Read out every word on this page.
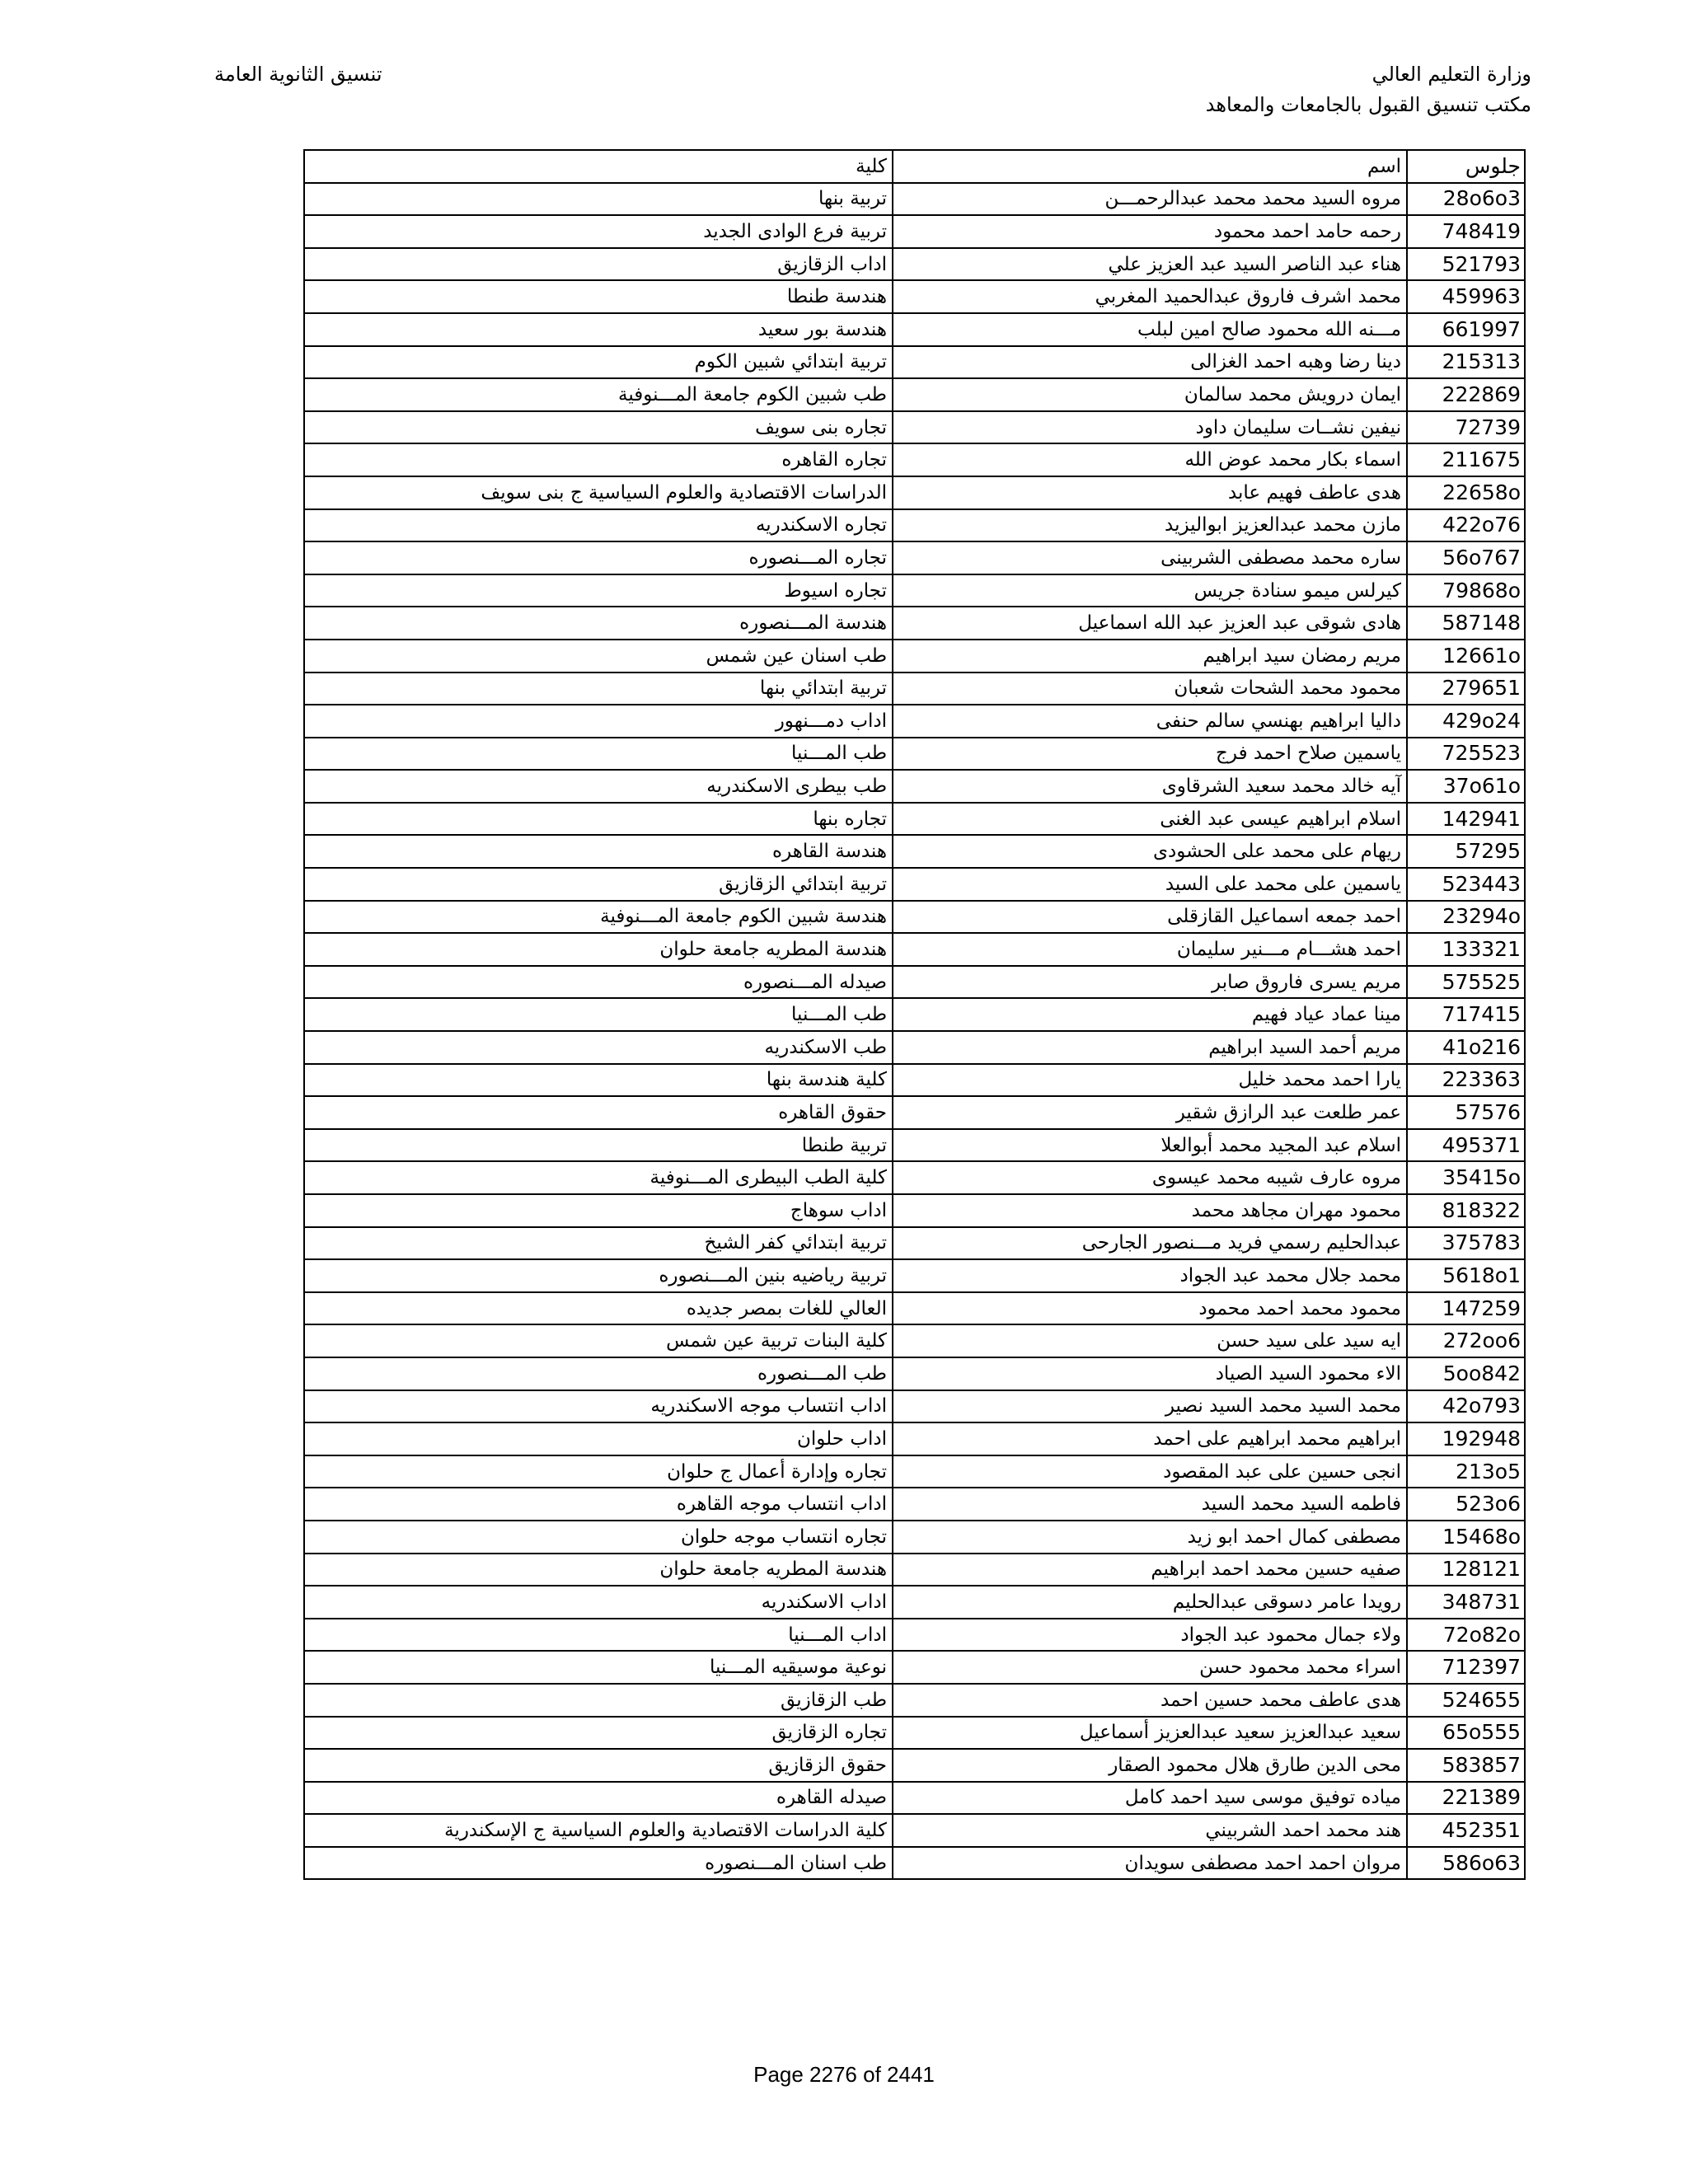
وزارة التعليم العالي
مكتب تنسيق القبول بالجامعات والمعاهد
تنسيق الثانوية العامة
جلوس	اسم	كلية
28o6o3	مروه السيد محمد محمد عبدالرحمـــن	تربية بنها
748419	رحمه حامد احمد محمود	تربية فرع الوادى الجديد
521793	هناء عبد الناصر السيد عبد العزيز علي	اداب الزقازيق
459963	محمد اشرف فاروق عبدالحميد المغربي	هندسة طنطا
661997	مـــنه الله محمود صالح امين لبلب	هندسة بور سعيد
215313	دينا رضا وهبه احمد الغزالى	تربية ابتدائي شبين الكوم
222869	ايمان درويش محمد سالمان	طب شبين الكوم جامعة المـــنوفية
72739	نيفين نشــات سليمان داود	تجاره بنى سويف
211675	اسماء بكار محمد عوض الله	تجاره القاهره
22658o	هدى عاطف فهيم عابد	الدراسات الاقتصادية والعلوم السياسية ج بنى سويف
422o76	مازن محمد عبدالعزيز ابواليزيد	تجاره الاسكندريه
56o767	ساره محمد مصطفى الشربينى	تجاره المـــنصوره
79868o	كيرلس ميمو سنادة جريس	تجاره اسيوط
587148	هادى شوقى عبد العزيز عبد الله اسماعيل	هندسة المـــنصوره
12661o	مريم رمضان سيد ابراهيم	طب اسنان عين شمس
279651	محمود محمد الشحات شعبان	تربية ابتدائي بنها
429o24	داليا ابراهيم بهنسي سالم حنفى	اداب دمـــنهور
725523	ياسمين صلاح احمد فرج	طب المـــنيا
37o61o	آيه خالد محمد سعيد الشرقاوى	طب بيطرى الاسكندريه
142941	اسلام ابراهيم عيسى عبد الغنى	تجاره بنها
57295	ريهام على محمد على الحشودى	هندسة القاهره
523443	ياسمين على محمد على السيد	تربية ابتدائي الزقازيق
23294o	احمد جمعه اسماعيل القازقلى	هندسة شبين الكوم جامعة المـــنوفية
133321	احمد هشـــام مـــنير سليمان	هندسة المطريه جامعة حلوان
575525	مريم يسرى فاروق صابر	صيدله المـــنصوره
717415	مينا عماد عياد فهيم	طب المـــنيا
41o216	مريم أحمد السيد ابراهيم	طب الاسكندريه
223363	يارا احمد محمد خليل	كلية هندسة بنها
57576	عمر طلعت عبد الرازق شقير	حقوق القاهره
495371	اسلام عبد المجيد محمد أبوالعلا	تربية طنطا
35415o	مروه عارف شيبه محمد عيسوى	كلية الطب البيطرى المـــنوفية
818322	محمود مهران مجاهد محمد	اداب سوهاج
375783	عبدالحليم رسمي فريد مـــنصور الجارحى	تربية ابتدائي كفر الشيخ
5618o1	محمد جلال محمد عبد الجواد	تربية رياضيه بنين المـــنصوره
147259	محمود محمد احمد محمود	العالي للغات بمصر جديده
272oo6	ايه سيد على سيد حسن	كلية البنات تربية عين شمس
5oo842	الاء محمود السيد الصياد	طب المـــنصوره
42o793	محمد السيد محمد السيد نصير	اداب انتساب موجه الاسكندريه
192948	ابراهيم محمد ابراهيم على احمد	اداب حلوان
213o5	انجى حسين على عبد المقصود	تجاره وإدارة أعمال ج حلوان
523o6	فاطمه السيد محمد السيد	اداب انتساب موجه القاهره
15468o	مصطفى كمال احمد ابو زيد	تجاره انتساب موجه حلوان
128121	صفيه حسين محمد احمد ابراهيم	هندسة المطريه جامعة حلوان
348731	رويدا عامر دسوقى عبدالحليم	اداب الاسكندريه
72o82o	ولاء جمال محمود عبد الجواد	اداب المـــنيا
712397	اسراء محمد محمود حسن	نوعية موسيقيه المـــنيا
524655	هدى عاطف محمد حسين احمد	طب الزقازيق
65o555	سعيد عبدالعزيز سعيد عبدالعزيز أسماعيل	تجاره الزقازيق
583857	محى الدين طارق هلال محمود الصقار	حقوق الزقازيق
221389	مياده توفيق موسى سيد احمد كامل	صيدله القاهره
452351	هند محمد احمد الشربيني	كلية الدراسات الاقتصادية والعلوم السياسية ج الإسكندرية
586o63	مروان احمد احمد مصطفى سويدان	طب اسنان المـــنصوره
Page 2276 of 2441
